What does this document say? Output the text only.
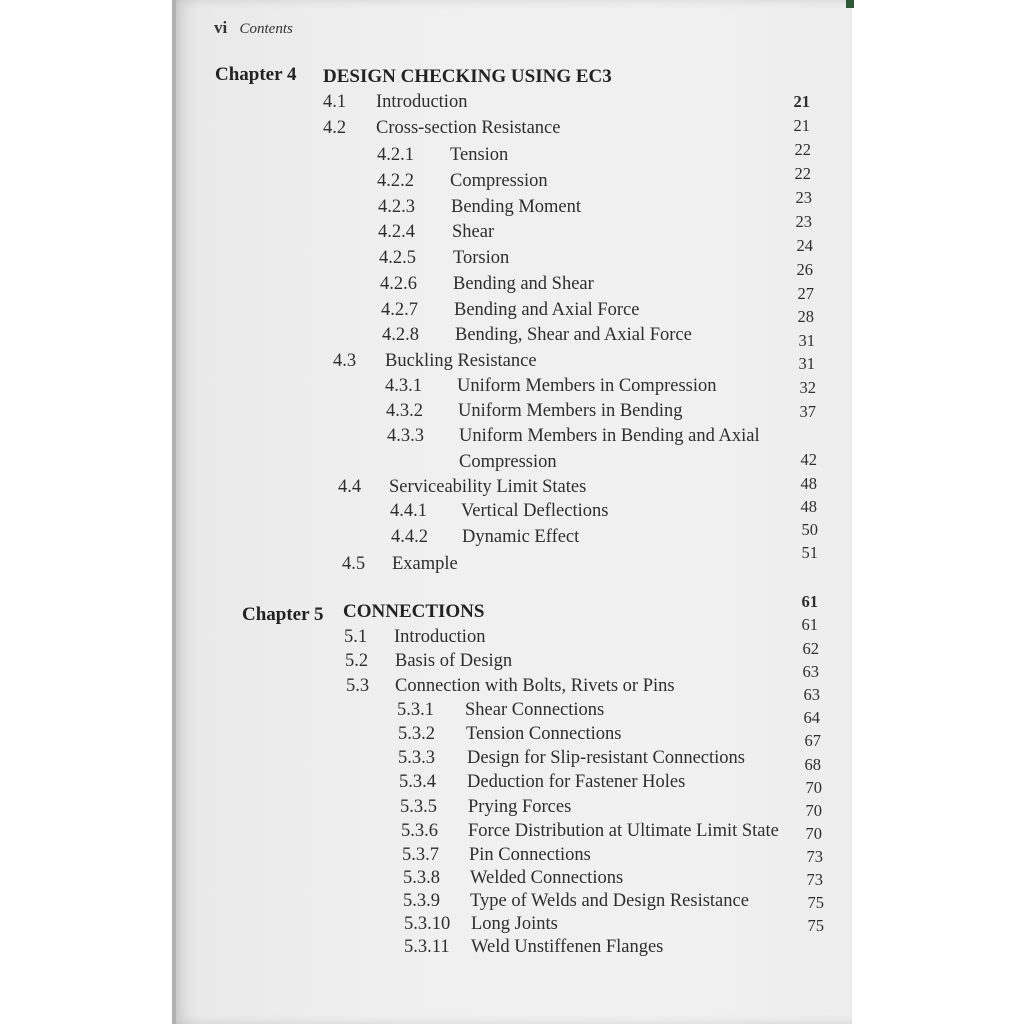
vi Contents
Chapter 4 DESIGN CHECKING USING EC3
4.1 Introduction
4.2 Cross-section Resistance
4.2.1 Tension
4.2.2 Compression
4.2.3 Bending Moment
4.2.4 Shear
4.2.5 Torsion
4.2.6 Bending and Shear
4.2.7 Bending and Axial Force
4.2.8 Bending, Shear and Axial Force
4.3 Buckling Resistance
4.3.1 Uniform Members in Compression
4.3.2 Uniform Members in Bending
4.3.3 Uniform Members in Bending and Axial
Compression
4.4 Serviceability Limit States
4.4.1 Vertical Deflections
4.4.2 Dynamic Effect
4.5 Example
21
21
22
22
23
23
24
26
27
28
31
31
32
37
42
48
48
50
51
Chapter 5 CONNECTIONS
5.1 Introduction
5.2 Basis of Design
5.3 Connection with Bolts, Rivets or Pins
5.3.1 Shear Connections
5.3.2 Tension Connections
5.3.3 Design for Slip-resistant Connections
5.3.4 Deduction for Fastener Holes
5.3.5 Prying Forces
5.3.6 Force Distribution at Ultimate Limit State
5.3.7 Pin Connections
5.3.8 Welded Connections
5.3.9 Type of Welds and Design Resistance
5.3.10 Long Joints
5.3.11 Weld Unstiffenen Flanges
61
61
62
63
63
64
67
68
70
70
70
73
73
75
75
